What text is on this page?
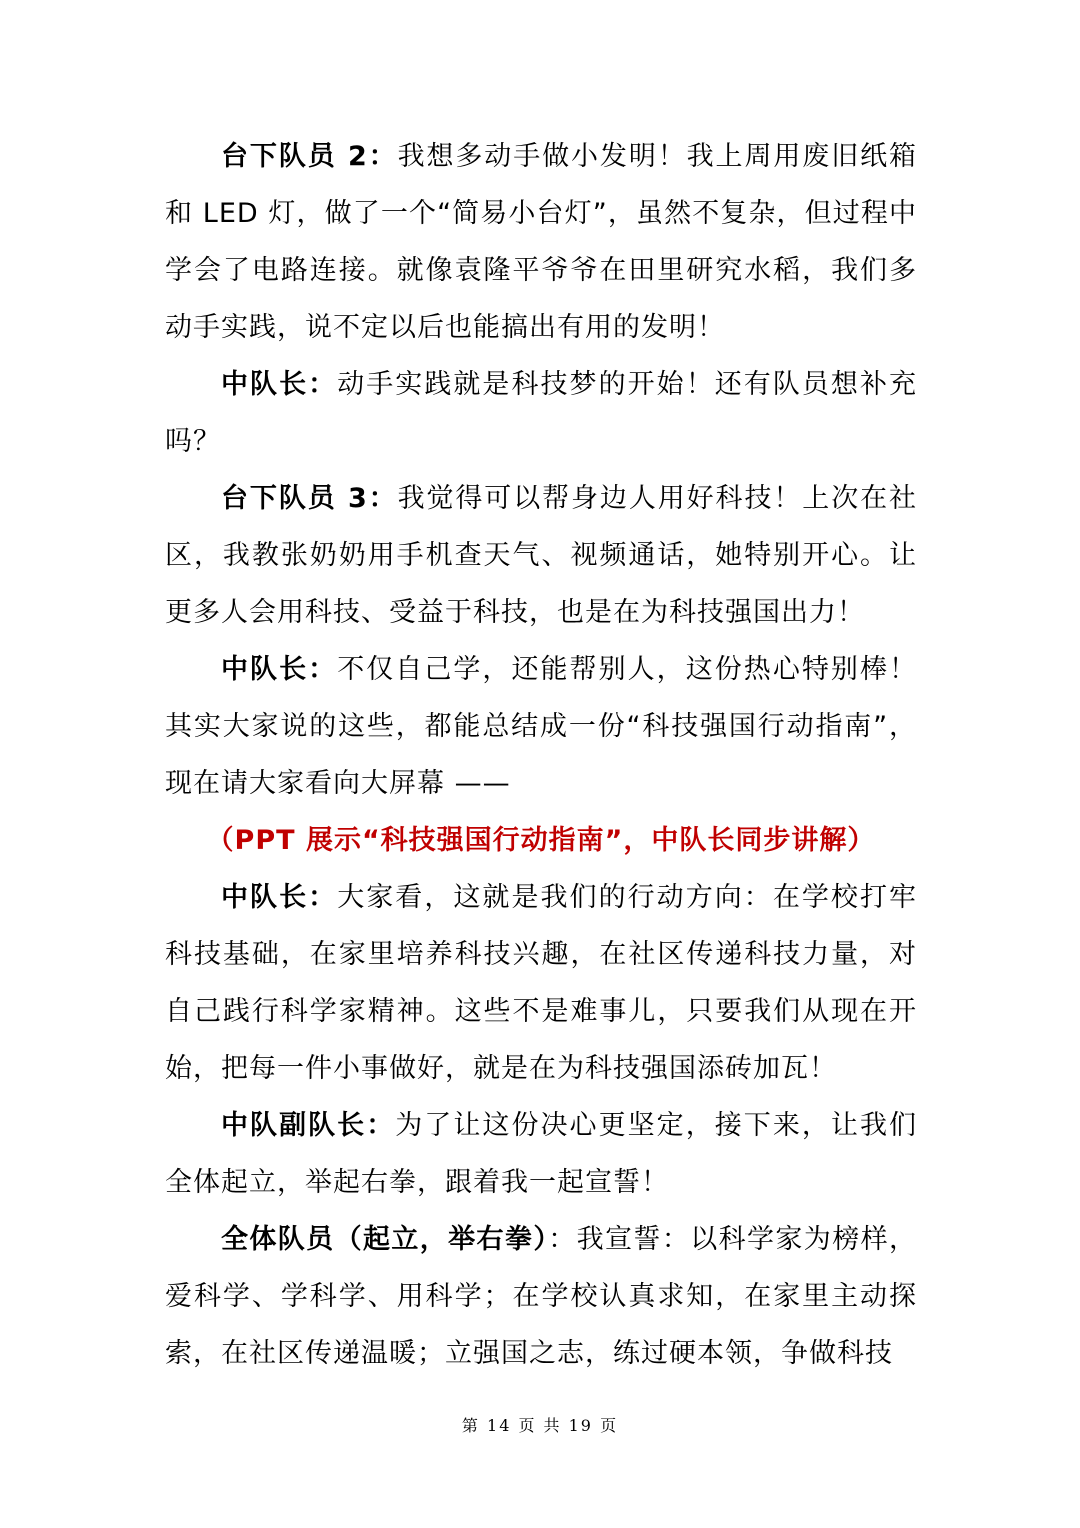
台下队员 2：我想多动手做小发明！我上周用废旧纸箱和 LED 灯，做了一个“简易小台灯”，虽然不复杂，但过程中学会了电路连接。就像袁隆平爷爷在田里研究水稻，我们多动手实践，说不定以后也能搞出有用的发明！

中队长：动手实践就是科技梦的开始！还有队员想补充吗？

台下队员 3：我觉得可以帮身边人用好科技！上次在社区，我教张奶奶用手机查天气、视频通话，她特别开心。让更多人会用科技、受益于科技，也是在为科技强国出力！

中队长：不仅自己学，还能帮别人，这份热心特别棒！其实大家说的这些，都能总结成一份“科技强国行动指南”，现在请大家看向大屏幕 ——

（PPT 展示“科技强国行动指南”，中队长同步讲解）

中队长：大家看，这就是我们的行动方向：在学校打牢科技基础，在家里培养科技兴趣，在社区传递科技力量，对自己践行科学家精神。这些不是难事儿，只要我们从现在开始，把每一件小事做好，就是在为科技强国添砖加瓦！

中队副队长：为了让这份决心更坚定，接下来，让我们全体起立，举起右拳，跟着我一起宣誓！

全体队员（起立，举右拳）：我宣誓：以科学家为榜样，爱科学、学科学、用科学；在学校认真求知，在家里主动探索，在社区传递温暖；立强国之志，练过硬本领，争做科技

第 14 页 共 19 页
